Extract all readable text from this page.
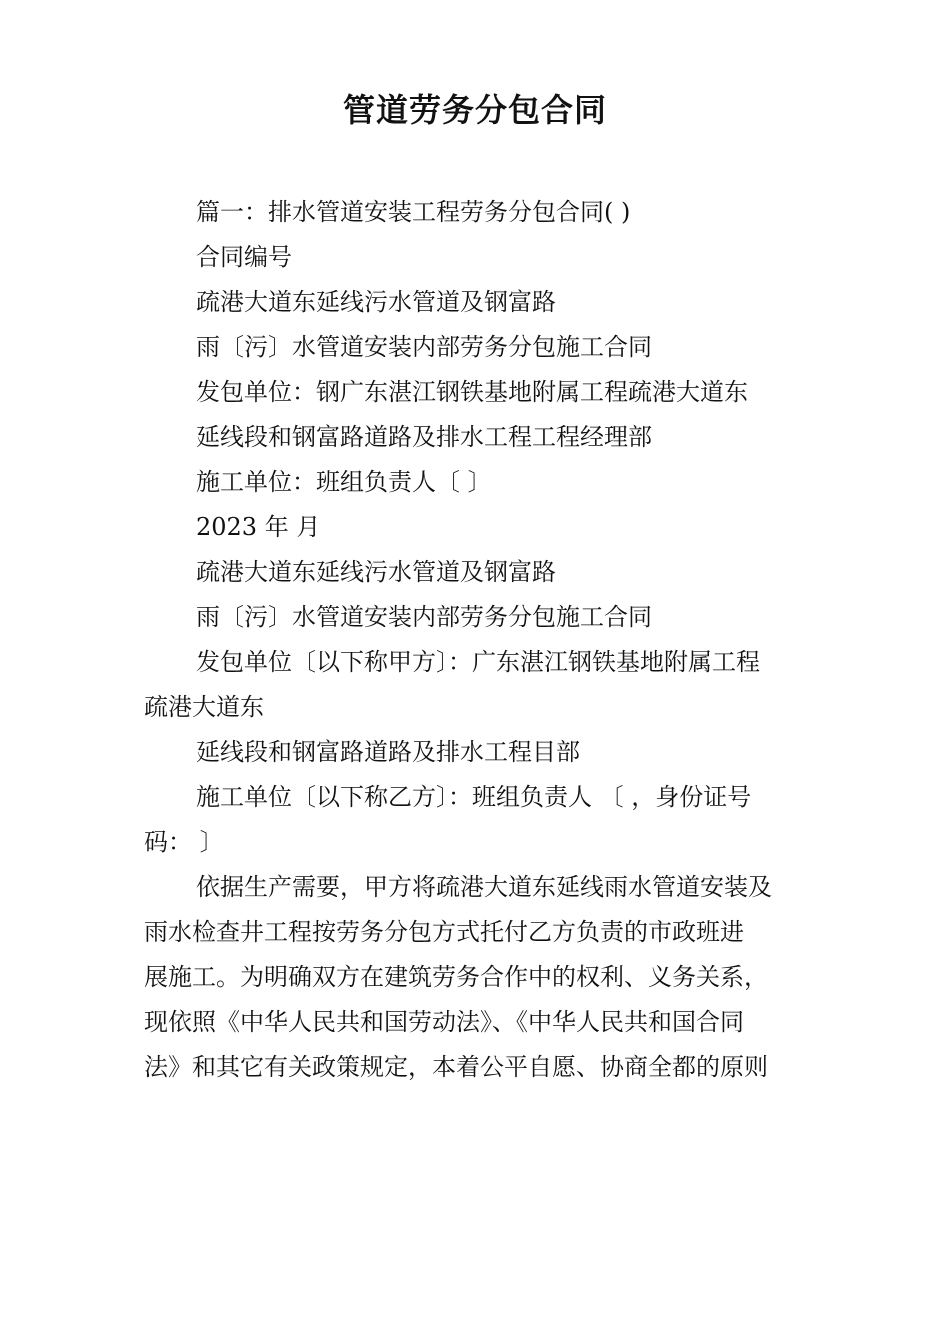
管道劳务分包合同
篇一：排水管道安装工程劳务分包合同( )
合同编号
疏港大道东延线污水管道及钢富路
雨〔污〕水管道安装内部劳务分包施工合同
发包单位：钢广东湛江钢铁基地附属工程疏港大道东
延线段和钢富路道路及排水工程工程经理部
施工单位：班组负责人〔 〕
2023 年 月
疏港大道东延线污水管道及钢富路
雨〔污〕水管道安装内部劳务分包施工合同
发包单位〔以下称甲方〕：广东湛江钢铁基地附属工程
疏港大道东
延线段和钢富路道路及排水工程目部
施工单位〔以下称乙方〕：班组负责人 〔 ，身份证号
码： 〕
依据生产需要，甲方将疏港大道东延线雨水管道安装及
雨水检查井工程按劳务分包方式托付乙方负责的市政班进
展施工。为明确双方在建筑劳务合作中的权利、义务关系，
现依照《中华人民共和国劳动法》、《中华人民共和国合同
法》和其它有关政策规定，本着公平自愿、协商全都的原则
